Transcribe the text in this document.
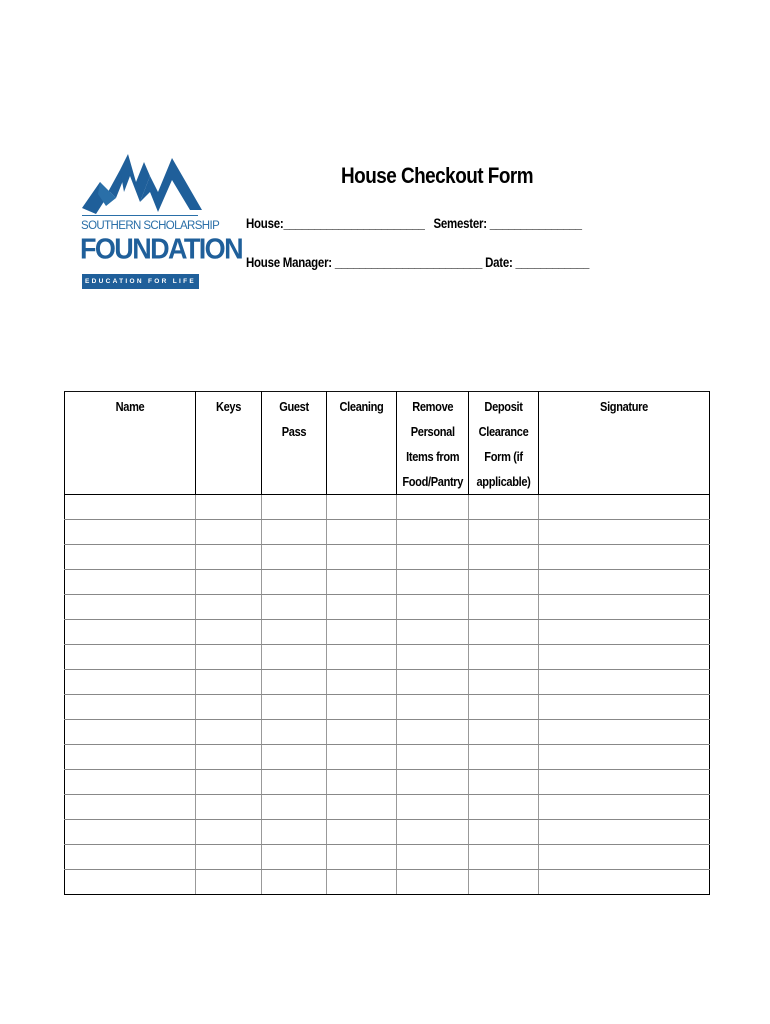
SOUTHERN SCHOLARSHIP
FOUNDATION
EDUCATION FOR LIFE
House Checkout Form
House:_______________________ Semester: _______________
House Manager: ________________________ Date: ____________
Name	Keys	Guest Pass	Cleaning	Remove Personal Items from Food/Pantry	Deposit Clearance Form (if applicable)	Signature
